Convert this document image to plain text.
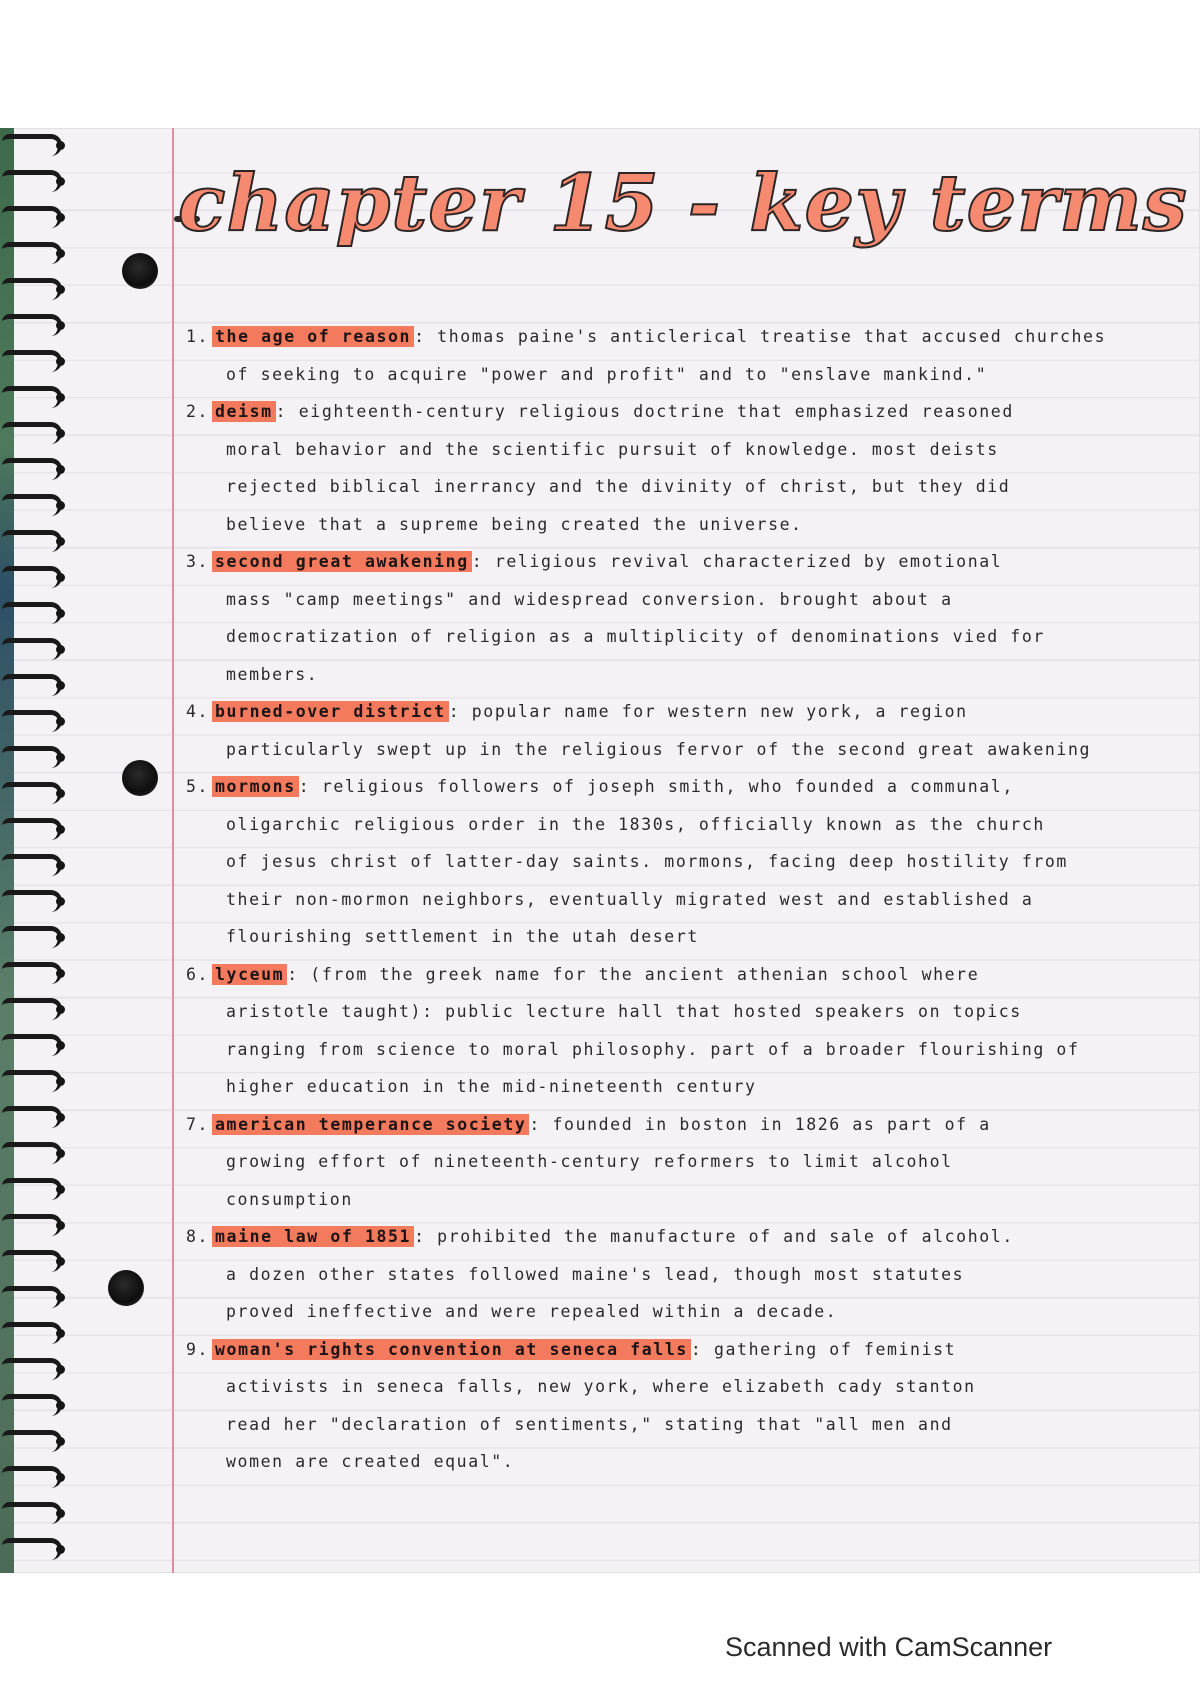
chapter 15 - key terms
1. the age of reason : thomas paine's anticlerical treatise that accused churches
of seeking to acquire "power and profit" and to "enslave mankind."
2. deism : eighteenth-century religious doctrine that emphasized reasoned
moral behavior and the scientific pursuit of knowledge. most deists
rejected biblical inerrancy and the divinity of christ, but they did
believe that a supreme being created the universe.
3. second great awakening : religious revival characterized by emotional
mass "camp meetings" and widespread conversion. brought about a
democratization of religion as a multiplicity of denominations vied for
members.
4. burned-over district : popular name for western new york, a region
particularly swept up in the religious fervor of the second great awakening
5. mormons : religious followers of joseph smith, who founded a communal,
oligarchic religious order in the 1830s, officially known as the church
of jesus christ of latter-day saints. mormons, facing deep hostility from
their non-mormon neighbors, eventually migrated west and established a
flourishing settlement in the utah desert
6. lyceum : (from the greek name for the ancient athenian school where
aristotle taught): public lecture hall that hosted speakers on topics
ranging from science to moral philosophy. part of a broader flourishing of
higher education in the mid-nineteenth century
7. american temperance society : founded in boston in 1826 as part of a
growing effort of nineteenth-century reformers to limit alcohol
consumption
8. maine law of 1851 : prohibited the manufacture of and sale of alcohol.
a dozen other states followed maine's lead, though most statutes
proved ineffective and were repealed within a decade.
9. woman's rights convention at seneca falls : gathering of feminist
activists in seneca falls, new york, where elizabeth cady stanton
read her "declaration of sentiments," stating that "all men and
women are created equal".
Scanned with CamScanner
